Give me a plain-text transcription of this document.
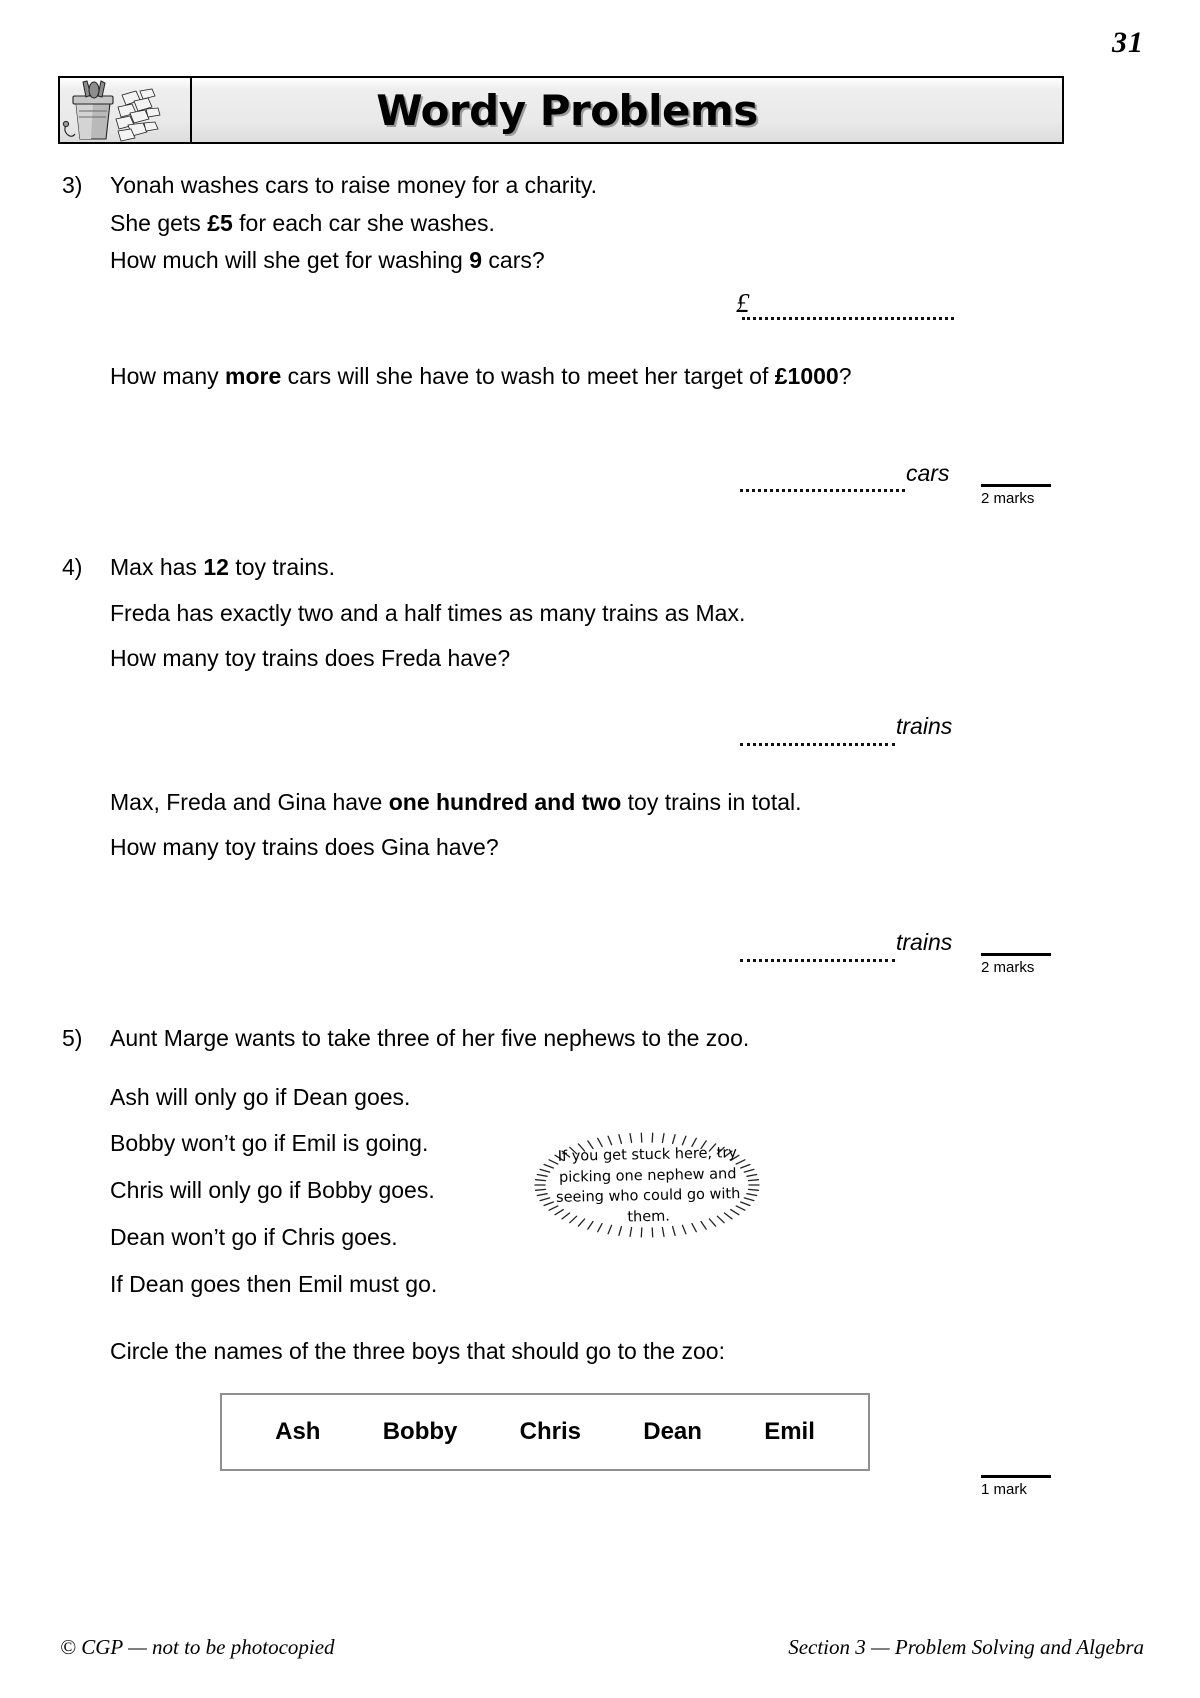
31
Wordy Problems
3) Yonah washes cars to raise money for a charity.
She gets £5 for each car she washes.
How much will she get for washing 9 cars?
£
How many more cars will she have to wash to meet her target of £1000?
cars
2 marks
4) Max has 12 toy trains.
Freda has exactly two and a half times as many trains as Max.
How many toy trains does Freda have?
trains
Max, Freda and Gina have one hundred and two toy trains in total.
How many toy trains does Gina have?
trains
2 marks
5) Aunt Marge wants to take three of her five nephews to the zoo.
Ash will only go if Dean goes.
Bobby won’t go if Emil is going.
Chris will only go if Bobby goes.
Dean won’t go if Chris goes.
If Dean goes then Emil must go.
If you get stuck here, try picking one nephew and seeing who could go with them.
Circle the names of the three boys that should go to the zoo:
Ash	Bobby	Chris	Dean	Emil
1 mark
© CGP — not to be photocopied	Section 3 — Problem Solving and Algebra
